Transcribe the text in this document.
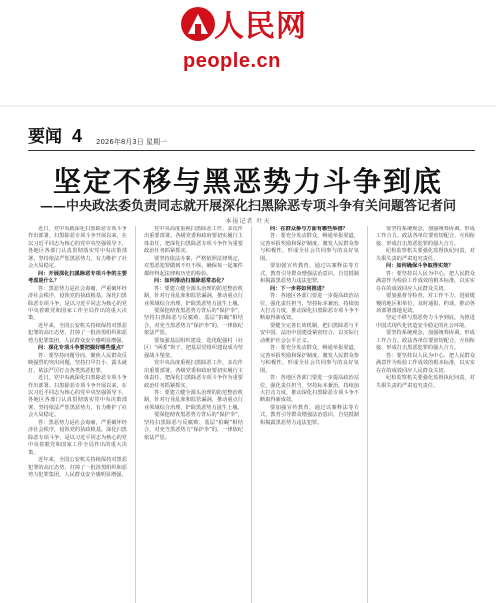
人民网
people.cn
要闻 4 2026年8月3日 星期一
坚定不移与黑恶势力斗争到底
——中央政法委负责同志就开展深化扫黑除恶专项斗争有关问题答记者问
本报记者 叶天

近日，党中央就深化扫黑除恶专项斗争作出部署。扫黑除恶专项斗争开展以来，在以习近平同志为核心的党中央坚强领导下，各地区各部门认真贯彻落实党中央决策部署，坚持依法严惩黑恶势力，有力维护了社会大局稳定。

问：开展深化扫黑除恶专项斗争的主要考虑是什么？

答：黑恶势力是社会毒瘤，严重破坏经济社会秩序，侵蚀党的执政根基。深化扫黑除恶专项斗争，是以习近平同志为核心的党中央着眼党和国家工作全局作出的重大决策。

近年来，全国公安机关持续保持对黑恶犯罪的高压态势，打掉了一批涉黑组织和恶势力犯罪集团，人民群众安全感明显增强。

问：深化专项斗争要把握好哪些重点？

答：要坚持问题导向，聚焦人民群众反映强烈的突出问题，坚持打早打小、露头就打，依法严厉打击各类黑恶犯罪。

近日，党中央就深化扫黑除恶专项斗争作出部署。扫黑除恶专项斗争开展以来，在以习近平同志为核心的党中央坚强领导下，各地区各部门认真贯彻落实党中央决策部署，坚持依法严惩黑恶势力，有力维护了社会大局稳定。

答：黑恶势力是社会毒瘤，严重破坏经济社会秩序，侵蚀党的执政根基。深化扫黑除恶专项斗争，是以习近平同志为核心的党中央着眼党和国家工作全局作出的重大决策。

近年来，全国公安机关持续保持对黑恶犯罪的高压态势，打掉了一批涉黑组织和恶势力犯罪集团，人民群众安全感明显增强。

党中央高度重视扫黑除恶工作，多次作出重要部署。各级党委和政府要切实履行主体责任，把深化扫黑除恶专项斗争作为重要政治任务抓紧抓实。

要坚持依法办案，严格依照法律规定，对黑恶犯罪做到不枉不纵，确保每一起案件都经得起法律和历史的检验。

问：如何推动扫黑除恶常态化？

答：要建立健全源头治理的防范整治机制，针对行业乱象和监管漏洞，推动重点行业领域综合治理，铲除黑恶势力滋生土壤。

要深挖彻查黑恶势力背后的“保护伞”，坚持扫黑除恶与反腐败、基层“拍蝇”相结合，对充当黑恶势力“保护伞”的，一律依纪依法严惩。

要加强基层组织建设，选优配强村（社区）“两委”班子，把基层党组织建设成为坚强战斗堡垒。

党中央高度重视扫黑除恶工作，多次作出重要部署。各级党委和政府要切实履行主体责任，把深化扫黑除恶专项斗争作为重要政治任务抓紧抓实。

答：要建立健全源头治理的防范整治机制，针对行业乱象和监管漏洞，推动重点行业领域综合治理，铲除黑恶势力滋生土壤。

要深挖彻查黑恶势力背后的“保护伞”，坚持扫黑除恶与反腐败、基层“拍蝇”相结合，对充当黑恶势力“保护伞”的，一律依纪依法严惩。

问：在群众参与方面有哪些举措？

答：要充分发动群众，畅通举报渠道，完善举报奖励和保护制度，激发人民群众参与积极性，形成全社会共同参与的良好氛围。

要加强宣传教育，通过以案释法等方式，教育引导群众增强法治意识，自觉抵制和揭露黑恶势力违法犯罪。

问：下一步将如何推进？

答：各地区各部门要进一步提高政治站位，强化责任担当，坚持标本兼治，持续加大打击力度，推动深化扫黑除恶专项斗争不断取得新成效。

要健全完善长效机制，把扫黑除恶与平安中国、法治中国建设紧密结合，以实际行动维护社会公平正义。

答：要充分发动群众，畅通举报渠道，完善举报奖励和保护制度，激发人民群众参与积极性，形成全社会共同参与的良好氛围。

答：各地区各部门要进一步提高政治站位，强化责任担当，坚持标本兼治，持续加大打击力度，推动深化扫黑除恶专项斗争不断取得新成效。

要加强宣传教育，通过以案释法等方式，教育引导群众增强法治意识，自觉抵制和揭露黑恶势力违法犯罪。

要坚持系统观念，加强统筹协调，形成工作合力。政法各单位要密切配合，互相衔接，形成打击黑恶犯罪的强大合力。

纪检监察机关要强化监督执纪问责，对失职失责的严肃追究责任。

问：如何确保斗争取得实效？

答：要坚持以人民为中心，把人民群众满意作为检验工作成效的根本标准，以实实在在的成效回应人民群众关切。

要加强督导检查，对工作不力、进展缓慢的地区和单位，及时通报、约谈，推动各项部署落地见效。

坚定不移与黑恶势力斗争到底，为推进中国式现代化营造安全稳定的社会环境。

要坚持系统观念，加强统筹协调，形成工作合力。政法各单位要密切配合，互相衔接，形成打击黑恶犯罪的强大合力。

答：要坚持以人民为中心，把人民群众满意作为检验工作成效的根本标准，以实实在在的成效回应人民群众关切。

纪检监察机关要强化监督执纪问责，对失职失责的严肃追究责任。
